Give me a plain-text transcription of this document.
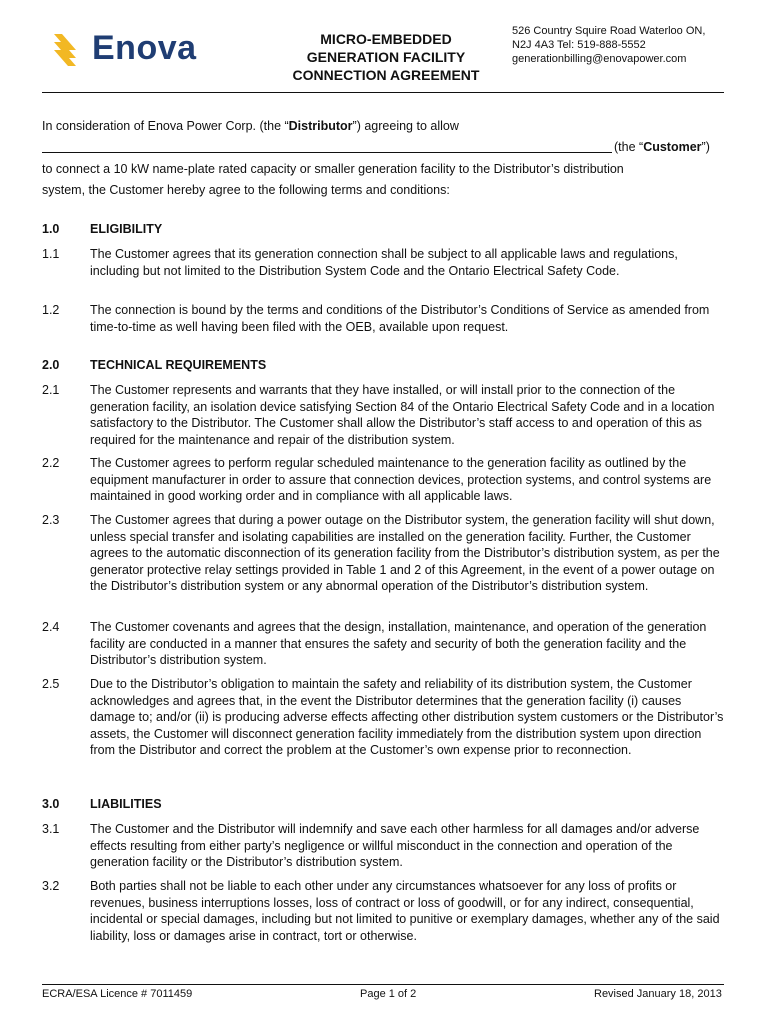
Enova	MICRO-EMBEDDED
GENERATION FACILITY
CONNECTION AGREEMENT
526 Country Squire Road Waterloo ON,
N2J 4A3 Tel: 519-888-5552
generationbilling@enovapower.com
In consideration of Enova Power Corp. (the “Distributor”) agreeing to allow
(the “Customer”)
to connect a 10 kW name-plate rated capacity or smaller generation facility to the Distributor’s distribution
system, the Customer hereby agree to the following terms and conditions:
1.0	ELIGIBILITY
1.1	The Customer agrees that its generation connection shall be subject to all applicable laws and regulations, including but not limited to the Distribution System Code and the Ontario Electrical Safety Code.
1.2	The connection is bound by the terms and conditions of the Distributor’s Conditions of Service as amended from time-to-time as well having been filed with the OEB, available upon request.
2.0	TECHNICAL REQUIREMENTS
2.1	The Customer represents and warrants that they have installed, or will install prior to the connection of the generation facility, an isolation device satisfying Section 84 of the Ontario Electrical Safety Code and in a location satisfactory to the Distributor. The Customer shall allow the Distributor’s staff access to and operation of this as required for the maintenance and repair of the distribution system.
2.2	The Customer agrees to perform regular scheduled maintenance to the generation facility as outlined by the equipment manufacturer in order to assure that connection devices, protection systems, and control systems are maintained in good working order and in compliance with all applicable laws.
2.3	The Customer agrees that during a power outage on the Distributor system, the generation facility will shut down, unless special transfer and isolating capabilities are installed on the generation facility. Further, the Customer agrees to the automatic disconnection of its generation facility from the Distributor’s distribution system, as per the generator protective relay settings provided in Table 1 and 2 of this Agreement, in the event of a power outage on the Distributor’s distribution system or any abnormal operation of the Distributor’s distribution system.
2.4	The Customer covenants and agrees that the design, installation, maintenance, and operation of the generation facility are conducted in a manner that ensures the safety and security of both the generation facility and the Distributor’s distribution system.
2.5	Due to the Distributor’s obligation to maintain the safety and reliability of its distribution system, the Customer acknowledges and agrees that, in the event the Distributor determines that the generation facility (i) causes damage to; and/or (ii) is producing adverse effects affecting other distribution system customers or the Distributor’s assets, the Customer will disconnect generation facility immediately from the distribution system upon direction from the Distributor and correct the problem at the Customer’s own expense prior to reconnection.
3.0	LIABILITIES
3.1	The Customer and the Distributor will indemnify and save each other harmless for all damages and/or adverse effects resulting from either party’s negligence or willful misconduct in the connection and operation of the generation facility or the Distributor’s distribution system.
3.2	Both parties shall not be liable to each other under any circumstances whatsoever for any loss of profits or revenues, business interruptions losses, loss of contract or loss of goodwill, or for any indirect, consequential, incidental or special damages, including but not limited to punitive or exemplary damages, whether any of the said liability, loss or damages arise in contract, tort or otherwise.
ECRA/ESA Licence # 7011459	Page 1 of 2	Revised January 18, 2013
